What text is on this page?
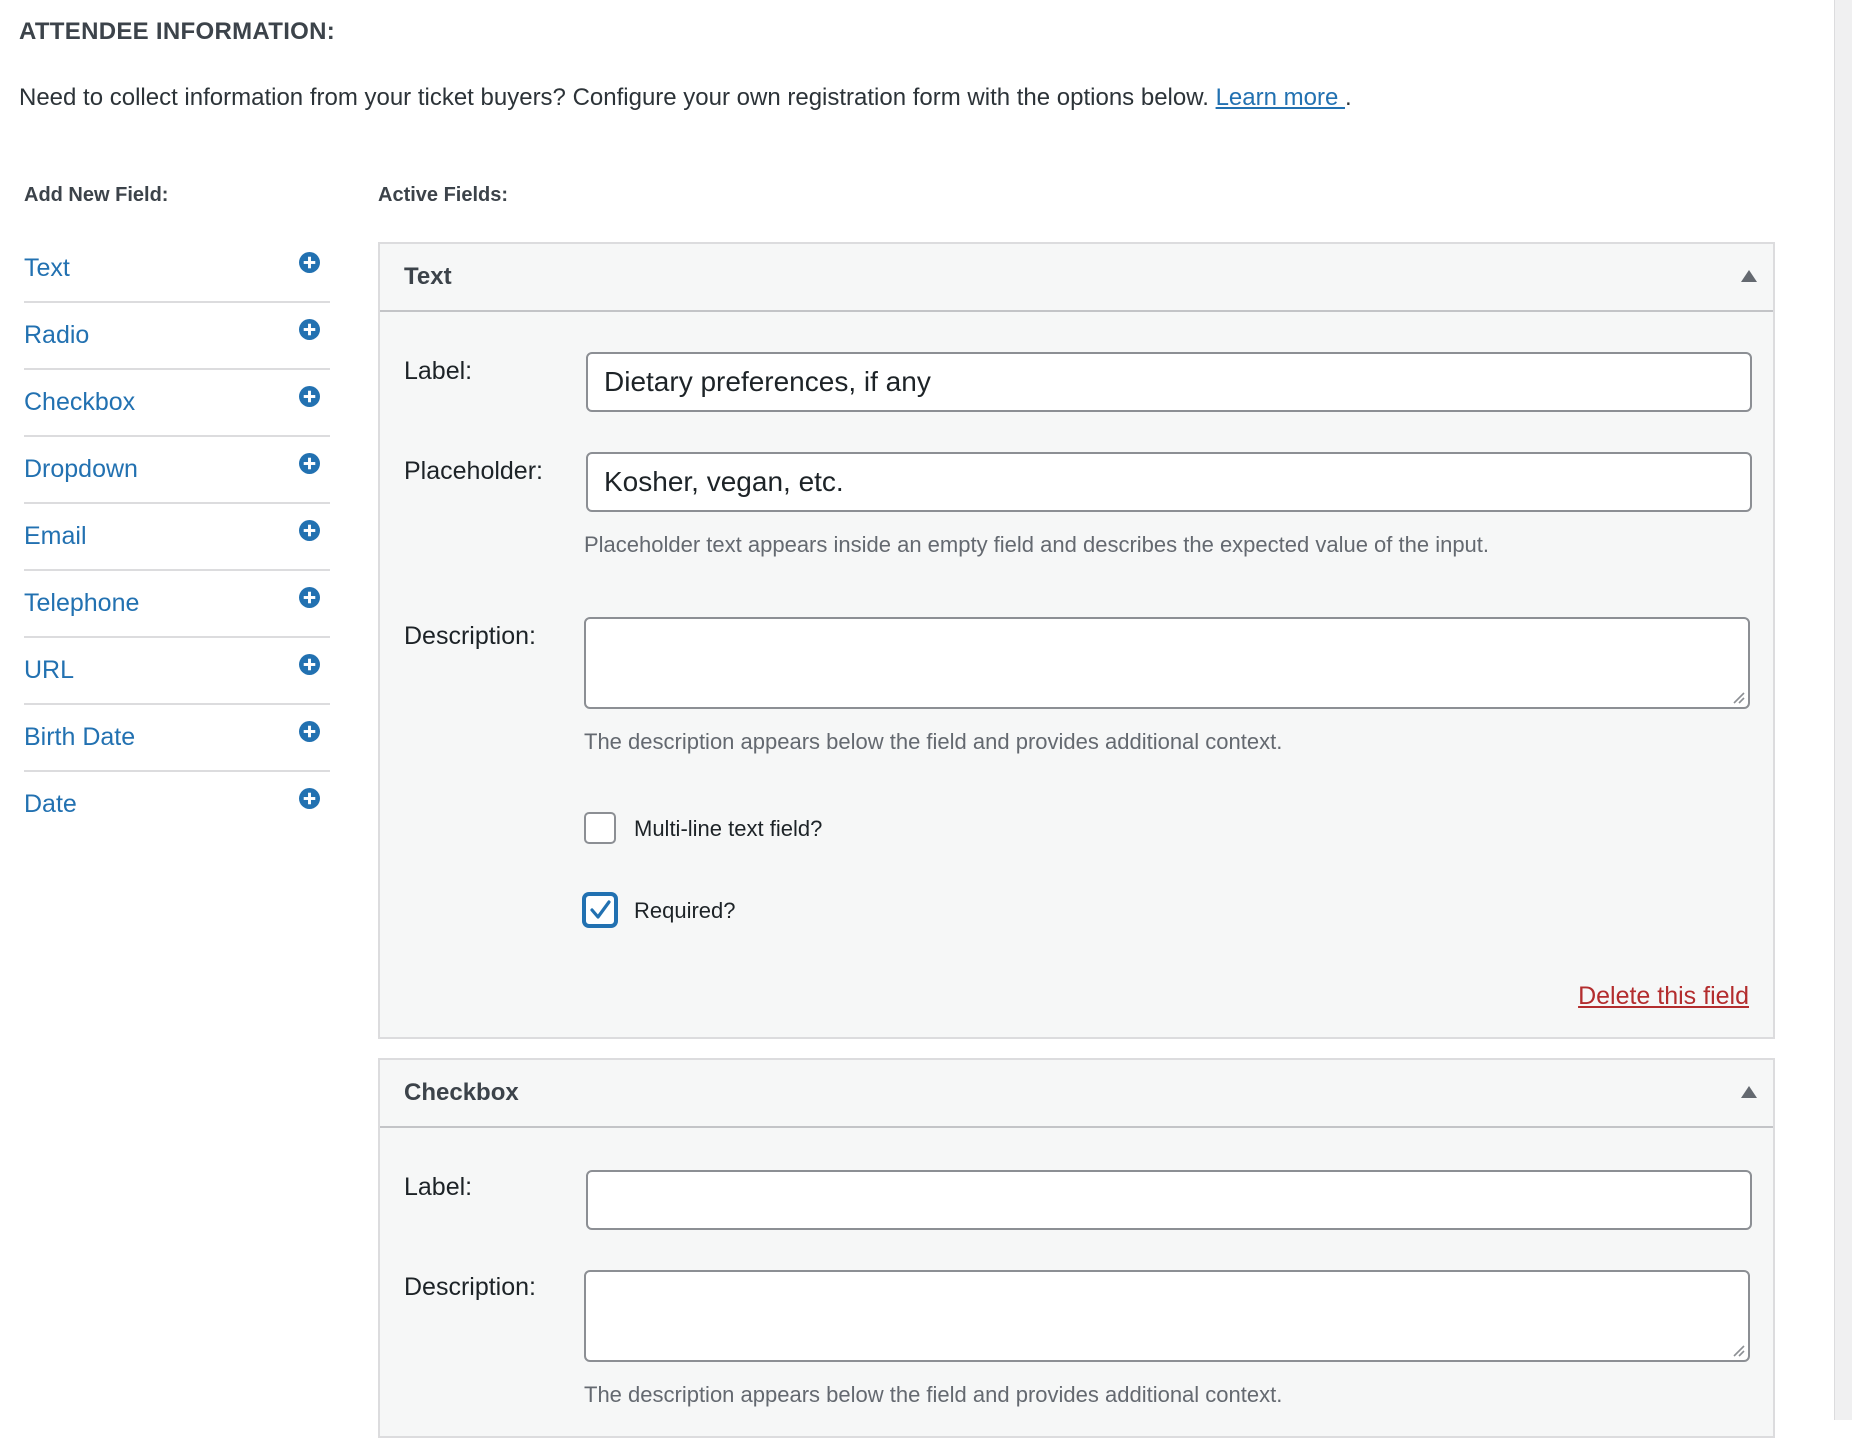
ATTENDEE INFORMATION:
Need to collect information from your ticket buyers? Configure your own registration form with the options below. Learn more .
Add New Field:	Active Fields:
Text
Radio
Checkbox
Dropdown
Email
Telephone
URL
Birth Date
Date
Text
Label:	Dietary preferences, if any
Placeholder:	Kosher, vegan, etc.
Placeholder text appears inside an empty field and describes the expected value of the input.
Description:
The description appears below the field and provides additional context.
Multi-line text field?
Required?
Delete this field
Checkbox
Label:
Description:
The description appears below the field and provides additional context.
